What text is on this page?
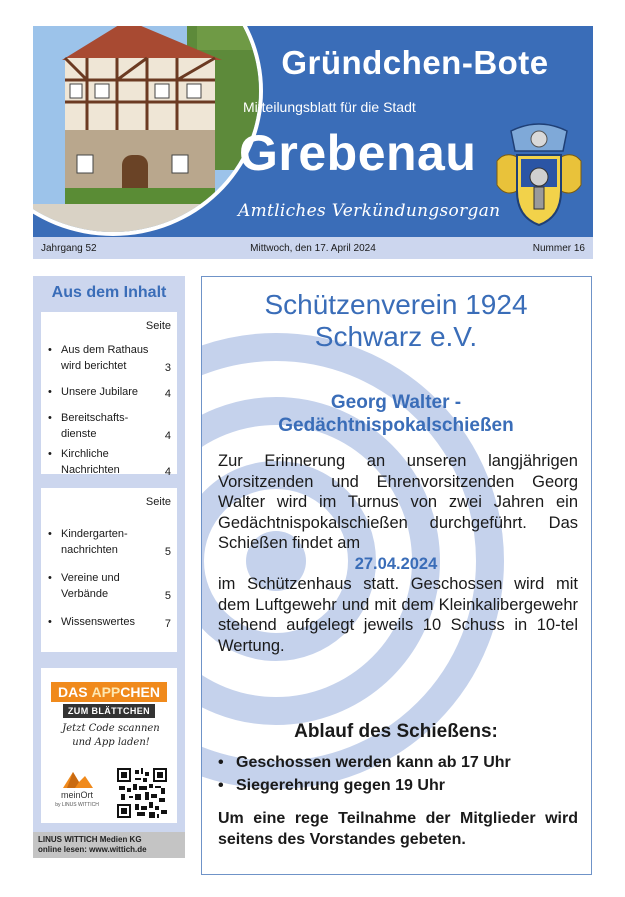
Gründchen-Bote
Mitteilungsblatt für die Stadt
Grebenau
Amtliches Verkündungsorgan
Jahrgang 52	Mittwoch, den 17. April 2024	Nummer 16
Aus dem Inhalt
Seite
• Aus dem Rathaus wird berichtet	3
• Unsere Jubilare 4
• Bereitschafts-dienste	4
• Kirchliche Nachrichten	4
Seite
• Kindergarten-nachrichten	5
• Vereine und Verbände	5
• Wissenswertes	7
DAS APPCHEN
ZUM BLÄTTCHEN
Jetzt Code scannen
und App laden!
meinOrt
by LINUS WITTICH
LINUS WITTICH Medien KG
online lesen: www.wittich.de
Schützenverein 1924
Schwarz e.V.
Georg Walter -
Gedächtnispokalschießen
Zur Erinnerung an unseren langjährigen Vorsitzenden und Ehrenvorsitzenden Georg Walter wird im Turnus von zwei Jahren ein Gedächtnispokalschießen durchgeführt. Das Schießen findet am
27.04.2024
im Schützenhaus statt. Geschossen wird mit dem Luftgewehr und mit dem Kleinkalibergewehr stehend aufgelegt jeweils 10 Schuss in 10-tel Wertung.
Ablauf des Schießens:
• Geschossen werden kann ab 17 Uhr
• Siegerehrung gegen 19 Uhr
Um eine rege Teilnahme der Mitglieder wird seitens des Vorstandes gebeten.
